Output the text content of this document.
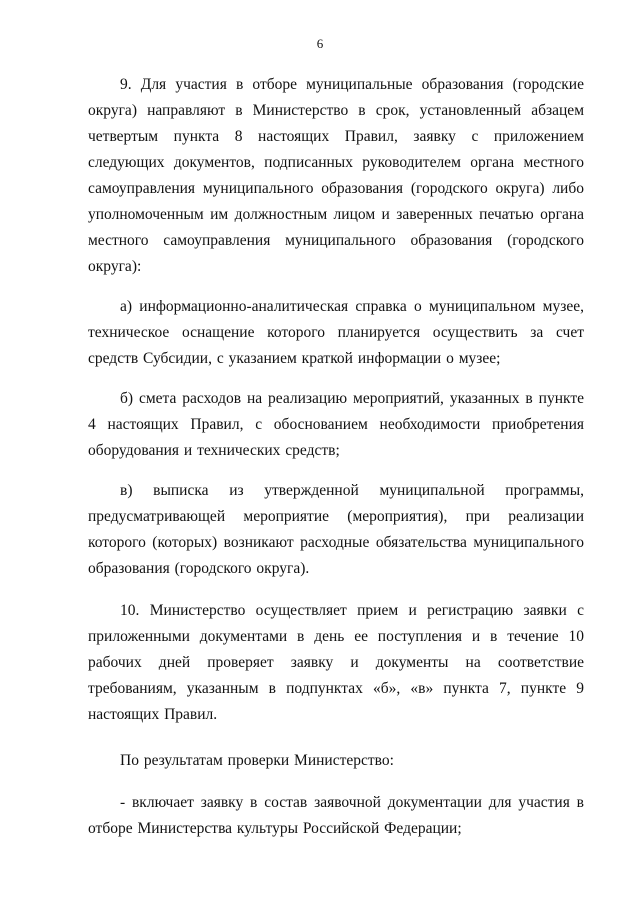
6

9. Для участия в отборе муниципальные образования (городские округа) направляют в Министерство в срок, установленный абзацем четвертым пункта 8 настоящих Правил, заявку с приложением следующих документов, подписанных руководителем органа местного самоуправления муниципального образования (городского округа) либо уполномоченным им должностным лицом и заверенных печатью органа местного самоуправления муниципального образования (городского округа):

а) информационно-аналитическая справка о муниципальном музее, техническое оснащение которого планируется осуществить за счет средств Субсидии, с указанием краткой информации о музее;

б) смета расходов на реализацию мероприятий, указанных в пункте 4 настоящих Правил, с обоснованием необходимости приобретения оборудования и технических средств;

в) выписка из утвержденной муниципальной программы, предусматривающей мероприятие (мероприятия), при реализации которого (которых) возникают расходные обязательства муниципального образования (городского округа).

10. Министерство осуществляет прием и регистрацию заявки с приложенными документами в день ее поступления и в течение 10 рабочих дней проверяет заявку и документы на соответствие требованиям, указанным в подпунктах «б», «в» пункта 7, пункте 9 настоящих Правил.

По результатам проверки Министерство:

- включает заявку в состав заявочной документации для участия в отборе Министерства культуры Российской Федерации;
